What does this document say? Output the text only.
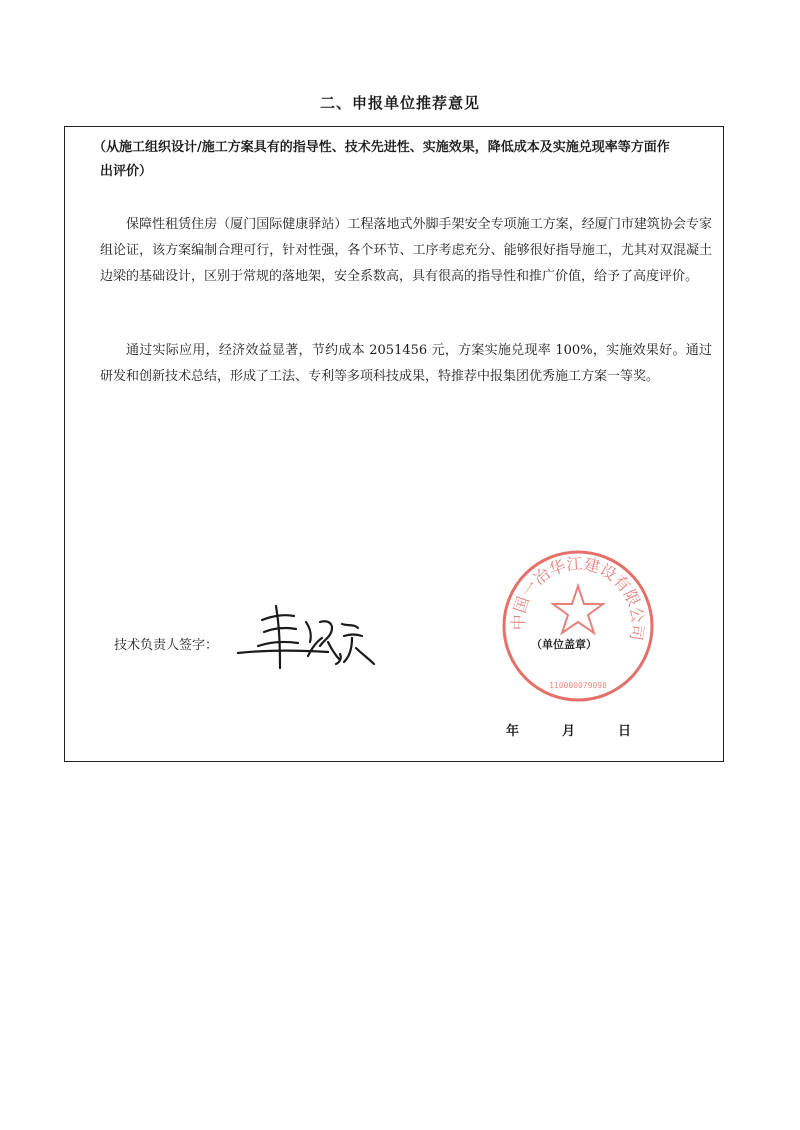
二、申报单位推荐意见
（从施工组织设计/施工方案具有的指导性、技术先进性、实施效果，降低成本及实施兑现率等方面作
出评价）
保障性租赁住房（厦门国际健康驿站）工程落地式外脚手架安全专项施工方案，经厦门市建筑协会专家组论证，该方案编制合理可行，针对性强，各个环节、工序考虑充分、能够很好指导施工，尤其对双混凝土边梁的基础设计，区别于常规的落地架，安全系数高，具有很高的指导性和推广价值，给予了高度评价。
通过实际应用，经济效益显著，节约成本 2051456 元，方案实施兑现率 100%，实施效果好。通过研发和创新技术总结，形成了工法、专利等多项科技成果，特推荐中报集团优秀施工方案一等奖。
技术负责人签字：
中国一冶华江建设有限公司
110000079098
（单位盖章）
年	月	日
